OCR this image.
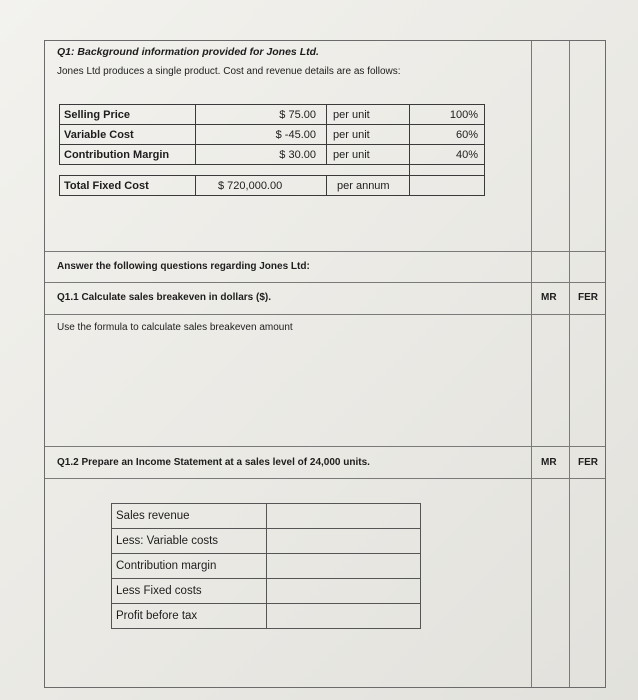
Q1: Background information provided for Jones Ltd.
Jones Ltd produces a single product. Cost and revenue details are as follows:
Selling Price	$ 75.00	per unit	100%
Variable Cost	$ -45.00	per unit	60%
Contribution Margin	$ 30.00	per unit	40%

Total Fixed Cost	$ 720,000.00	per annum	
Answer the following questions regarding Jones Ltd:
Q1.1 Calculate sales breakeven in dollars ($).	MR FER
Use the formula to calculate sales breakeven amount

Q1.2 Prepare an Income Statement at a sales level of 24,000 units.	MR FER
Sales revenue	
Less: Variable costs	
Contribution margin	
Less Fixed costs	
Profit before tax	
